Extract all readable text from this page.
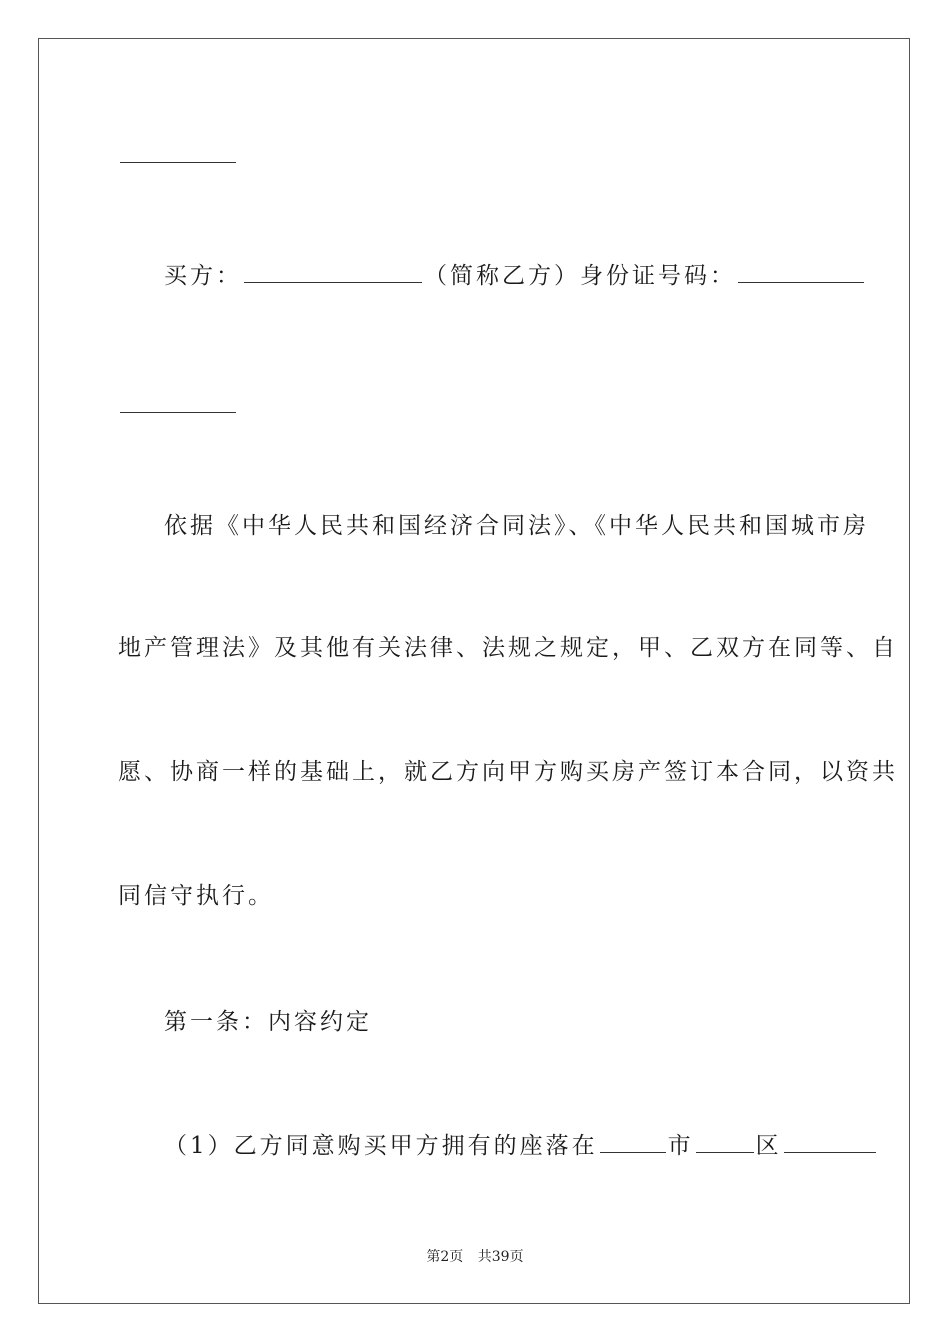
买方：	（简称乙方）身份证号码：
依据《中华人民共和国经济合同法》、《中华人民共和国城市房
地产管理法》及其他有关法律、法规之规定，甲、乙双方在同等、自
愿、协商一样的基础上，就乙方向甲方购买房产签订本合同，以资共
同信守执行。
第一条：内容约定
（1）乙方同意购买甲方拥有的座落在	市	区
第2页 共39页
